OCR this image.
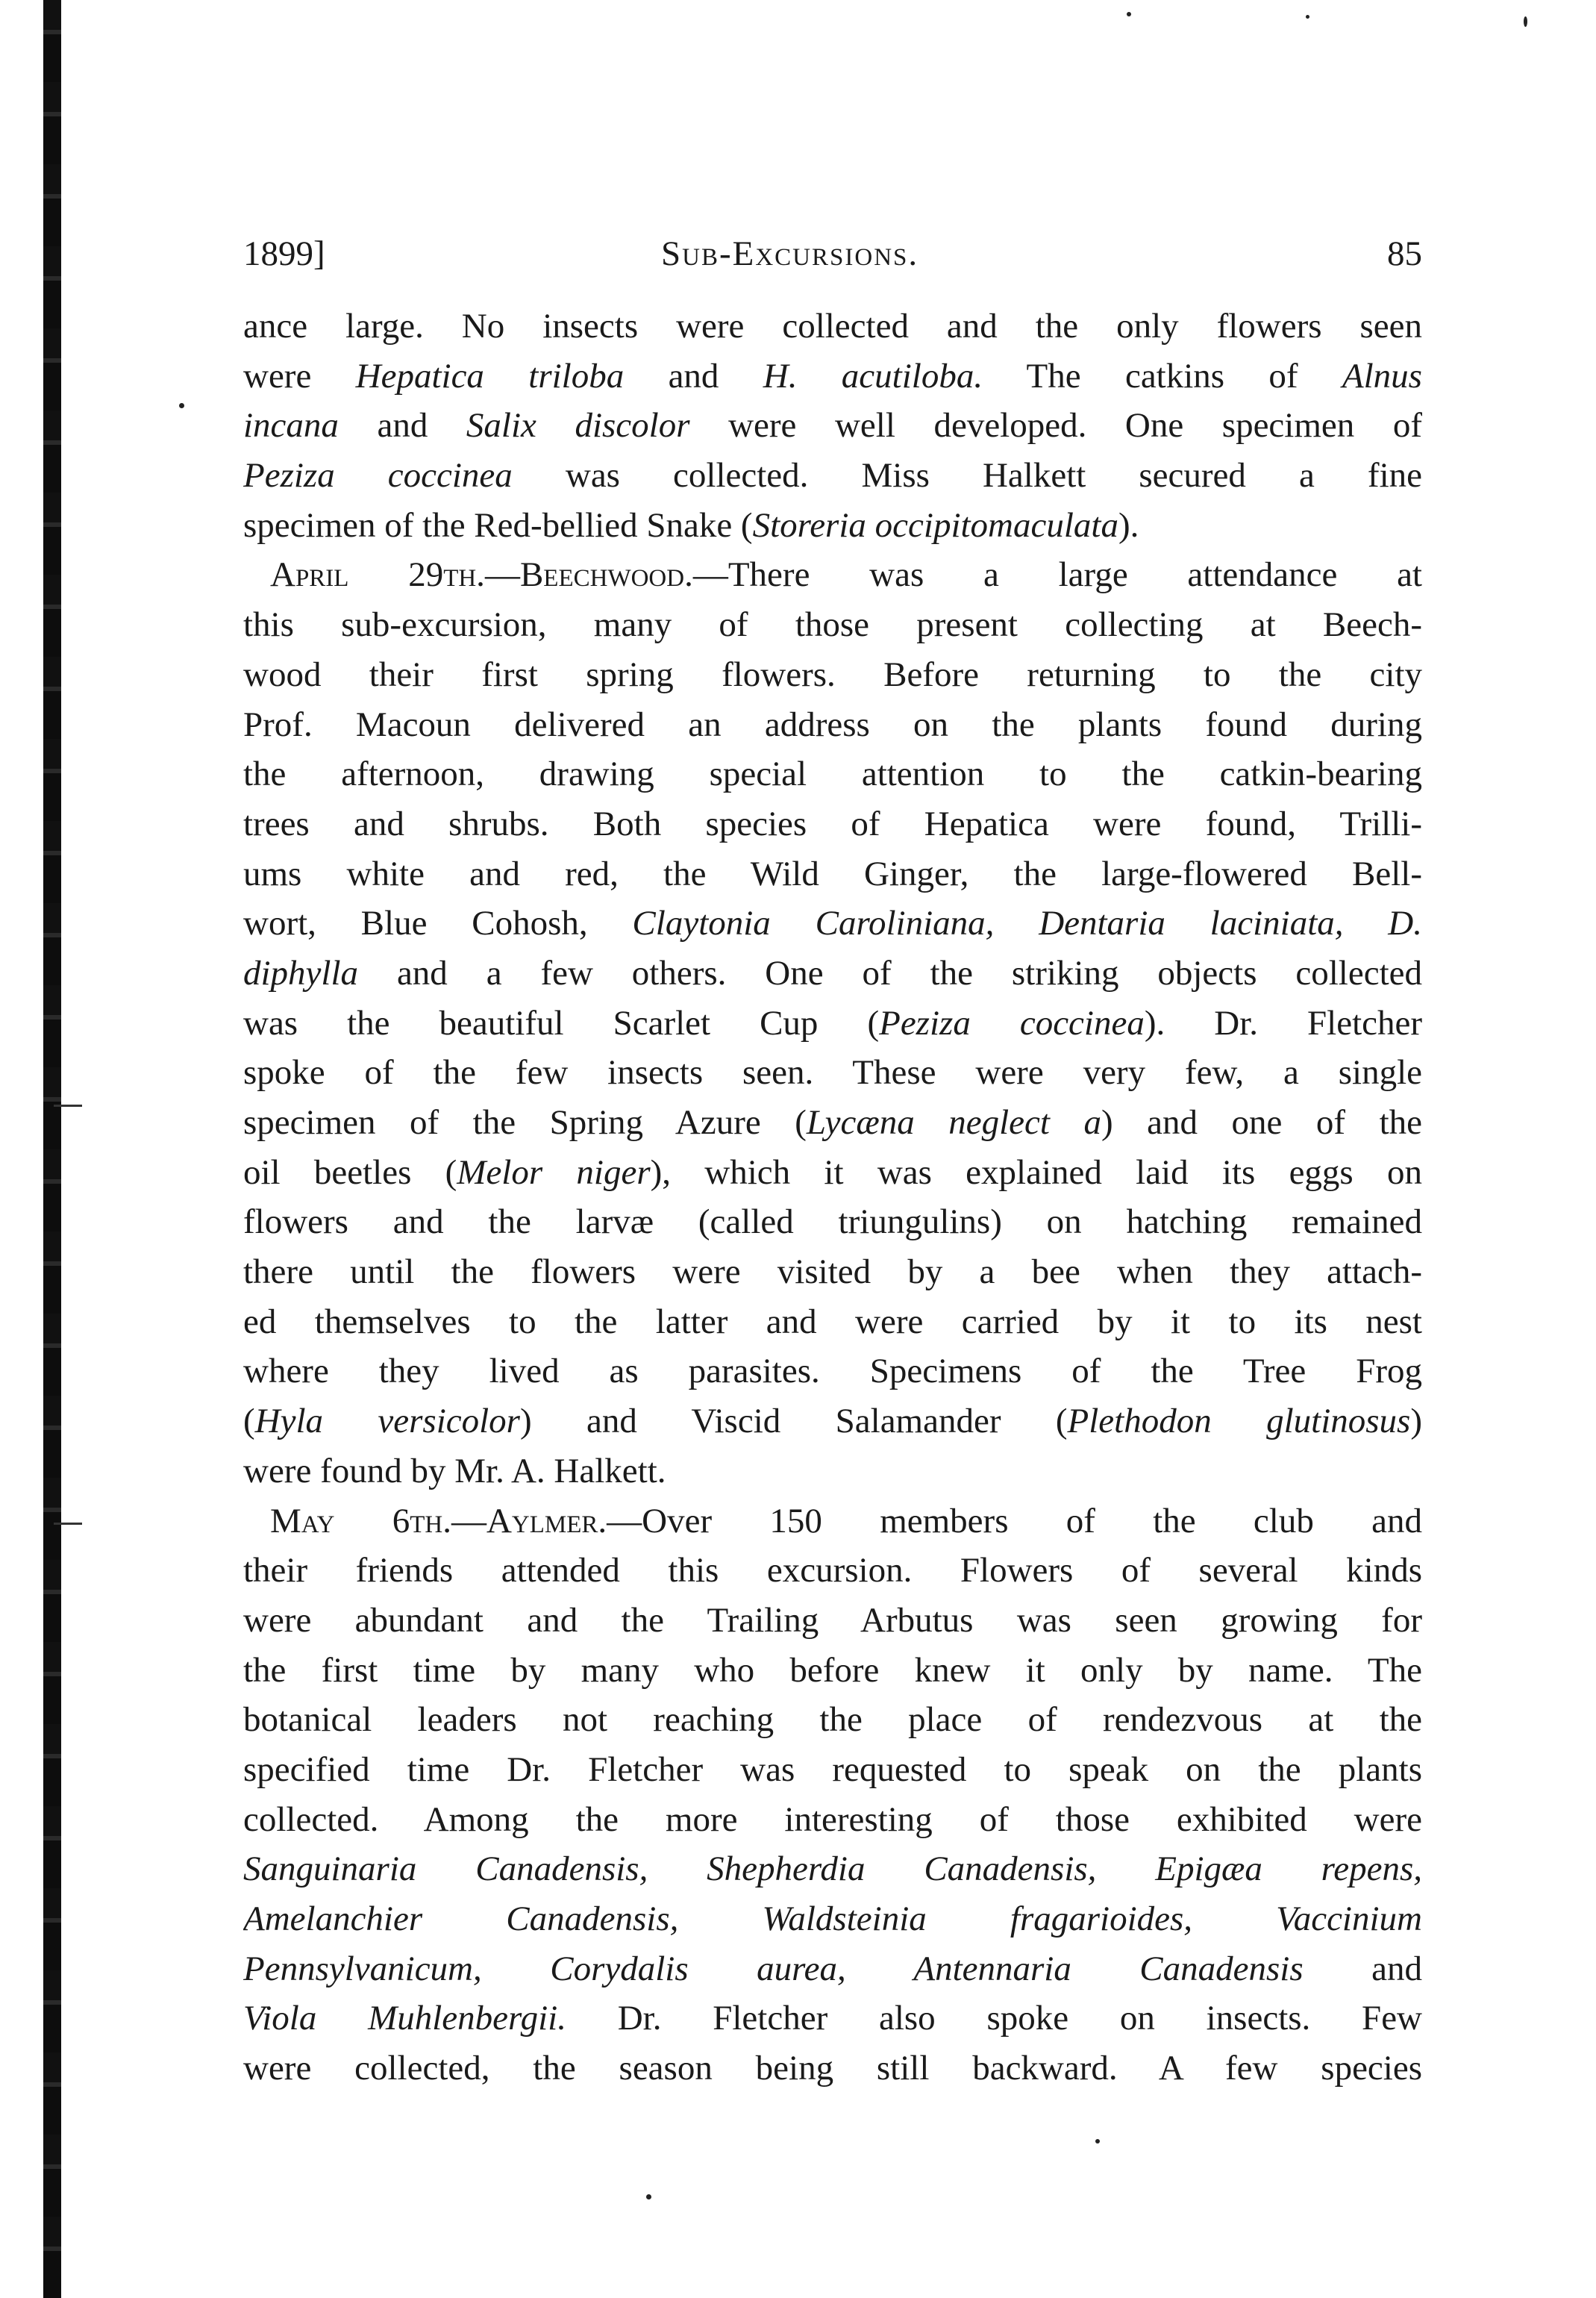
1899]	Sub-Excursions.	85
ance large. No insects were collected and the only flowers seen
were Hepatica triloba and H. acutiloba. The catkins of Alnus
incana and Salix discolor were well developed. One specimen of
Peziza coccinea was collected. Miss Halkett secured a fine
specimen of the Red-bellied Snake (Storeria occipitomaculata).
April 29th.—Beechwood.—There was a large attendance at
this sub-excursion, many of those present collecting at Beech-
wood their first spring flowers. Before returning to the city
Prof. Macoun delivered an address on the plants found during
the afternoon, drawing special attention to the catkin-bearing
trees and shrubs. Both species of Hepatica were found, Trilli-
ums white and red, the Wild Ginger, the large-flowered Bell-
wort, Blue Cohosh, Claytonia Caroliniana, Dentaria laciniata, D.
diphylla and a few others. One of the striking objects collected
was the beautiful Scarlet Cup (Peziza coccinea). Dr. Fletcher
spoke of the few insects seen. These were very few, a single
specimen of the Spring Azure (Lycæna neglect a) and one of the
oil beetles (Melor niger), which it was explained laid its eggs on
flowers and the larvæ (called triungulins) on hatching remained
there until the flowers were visited by a bee when they attach-
ed themselves to the latter and were carried by it to its nest
where they lived as parasites. Specimens of the Tree Frog
(Hyla versicolor) and Viscid Salamander (Plethodon glutinosus)
were found by Mr. A. Halkett.
May 6th.—Aylmer.—Over 150 members of the club and
their friends attended this excursion. Flowers of several kinds
were abundant and the Trailing Arbutus was seen growing for
the first time by many who before knew it only by name. The
botanical leaders not reaching the place of rendezvous at the
specified time Dr. Fletcher was requested to speak on the plants
collected. Among the more interesting of those exhibited were
Sanguinaria Canadensis, Shepherdia Canadensis, Epigæa repens,
Amelanchier Canadensis, Waldsteinia fragarioides, Vaccinium
Pennsylvanicum, Corydalis aurea, Antennaria Canadensis and
Viola Muhlenbergii. Dr. Fletcher also spoke on insects. Few
were collected, the season being still backward. A few species
